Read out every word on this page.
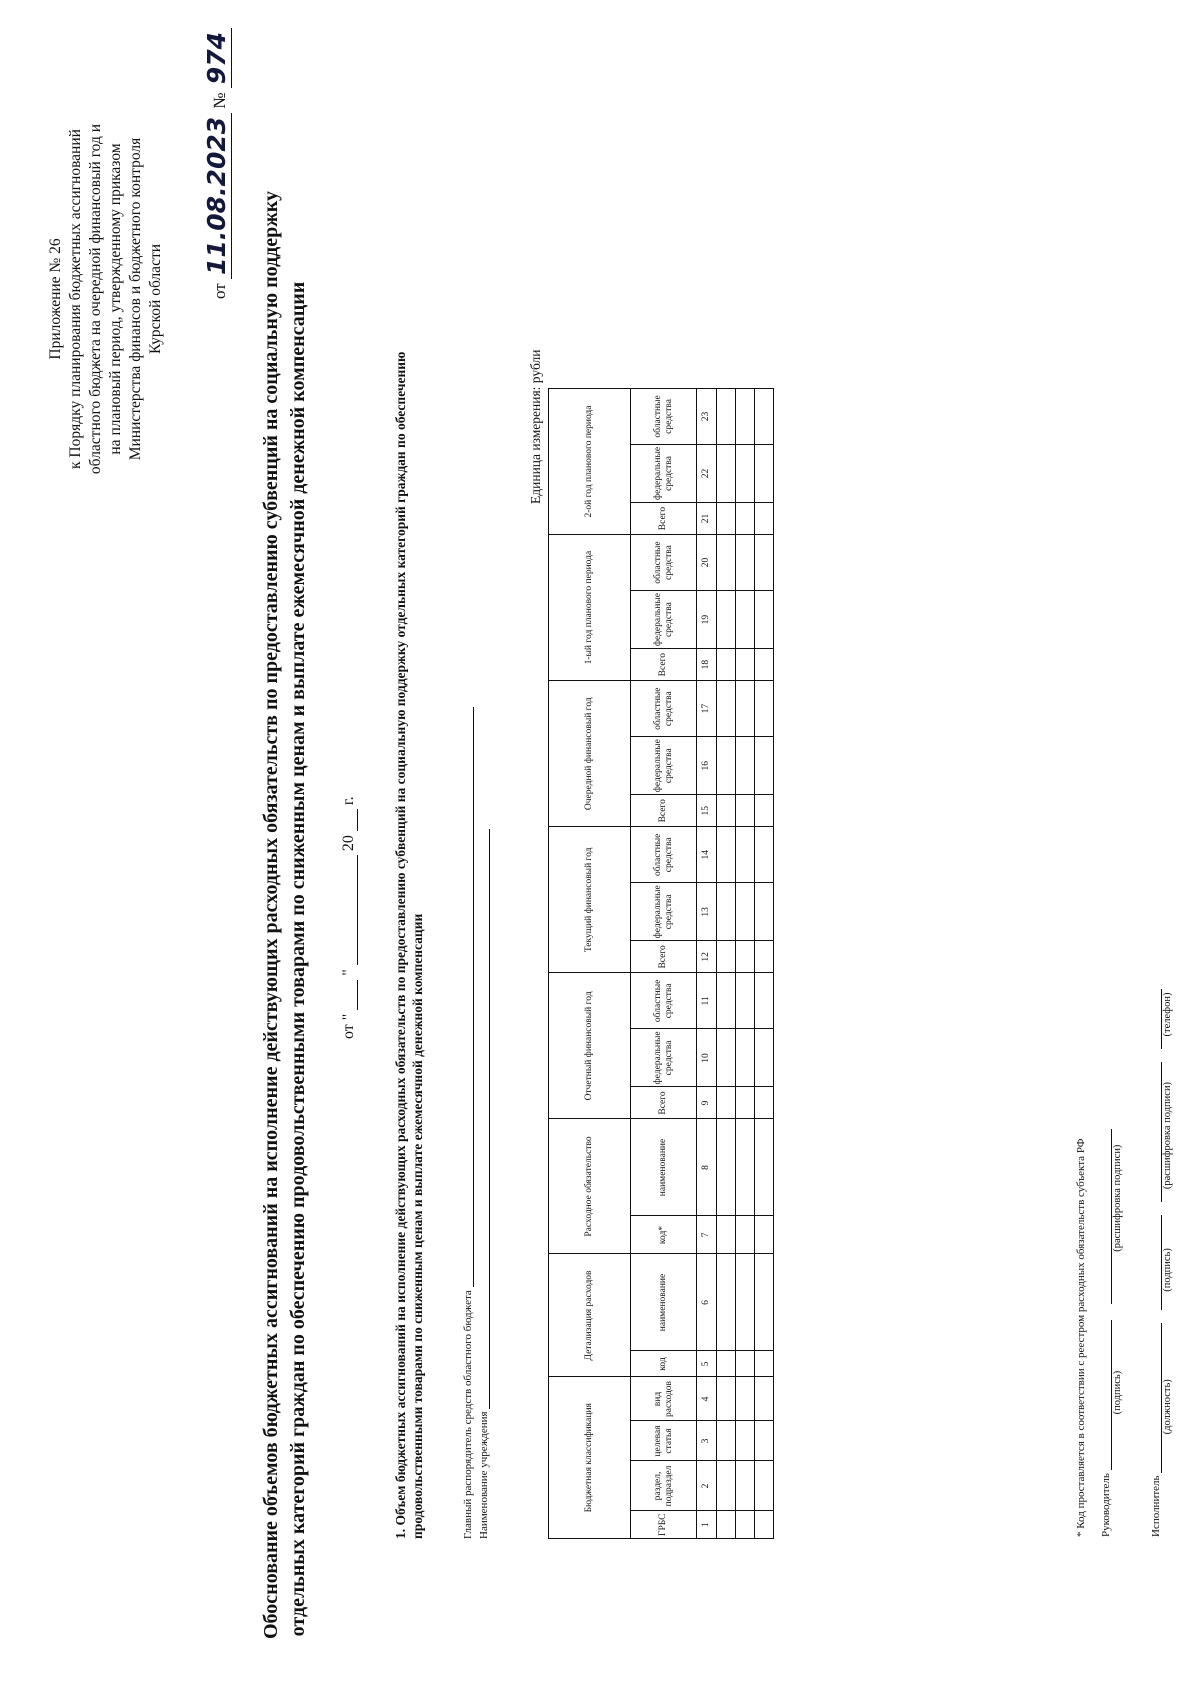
Приложение № 26 к Порядку планирования бюджетных ассигнований областного бюджета на очередной финансовый год и на плановый период, утвержденному приказом Министерства финансов и бюджетного контроля Курской области	от 11.08.2023 № 974
Обоснование объемов бюджетных ассигнований на исполнение действующих расходных обязательств по предоставлению субвенций на социальную поддержку отдельных категорий граждан по обеспечению продовольственными товарами по сниженным ценам и выплате ежемесячной денежной компенсации от "  "  20  г.	1. Объем бюджетных ассигнований на исполнение действующих расходных обязательств по предоставлению субвенций на социальную поддержку отдельных категорий граждан по обеспечению продовольственными товарами по сниженным ценам и выплате ежемесячной денежной компенсации	Главный распорядитель средств областного бюджета Наименование учреждения
Единица измерения: рубли
Бюджетная классификация				Детализация расходов		Расходное обязательство		Отчетный финансовый год			Текущий финансовый год			Очередной финансовый год			1-ый год планового периода			2-ой год планового периода		
ГРБС	раздел, подраздел	целевая статья	вид расходов	код	наименование	код*	наименование	Всего	федеральные средства	областные средства	Всего	федеральные средства	областные средства	Всего	федеральные средства	областные средства	Всего	федеральные средства	областные средства	Всего	федеральные средства	областные средства
1	2	3	4	5	6	7	8	9	10	11	12	13	14	15	16	17	18	19	20	21	22	23

* Код проставляется в соответствии с реестром расходных обязательств субъекта РФ Руководитель
(подпись) (расшифровка подписи)
Исполнитель
(должность) (подпись) (расшифровка подписи) (телефон)
